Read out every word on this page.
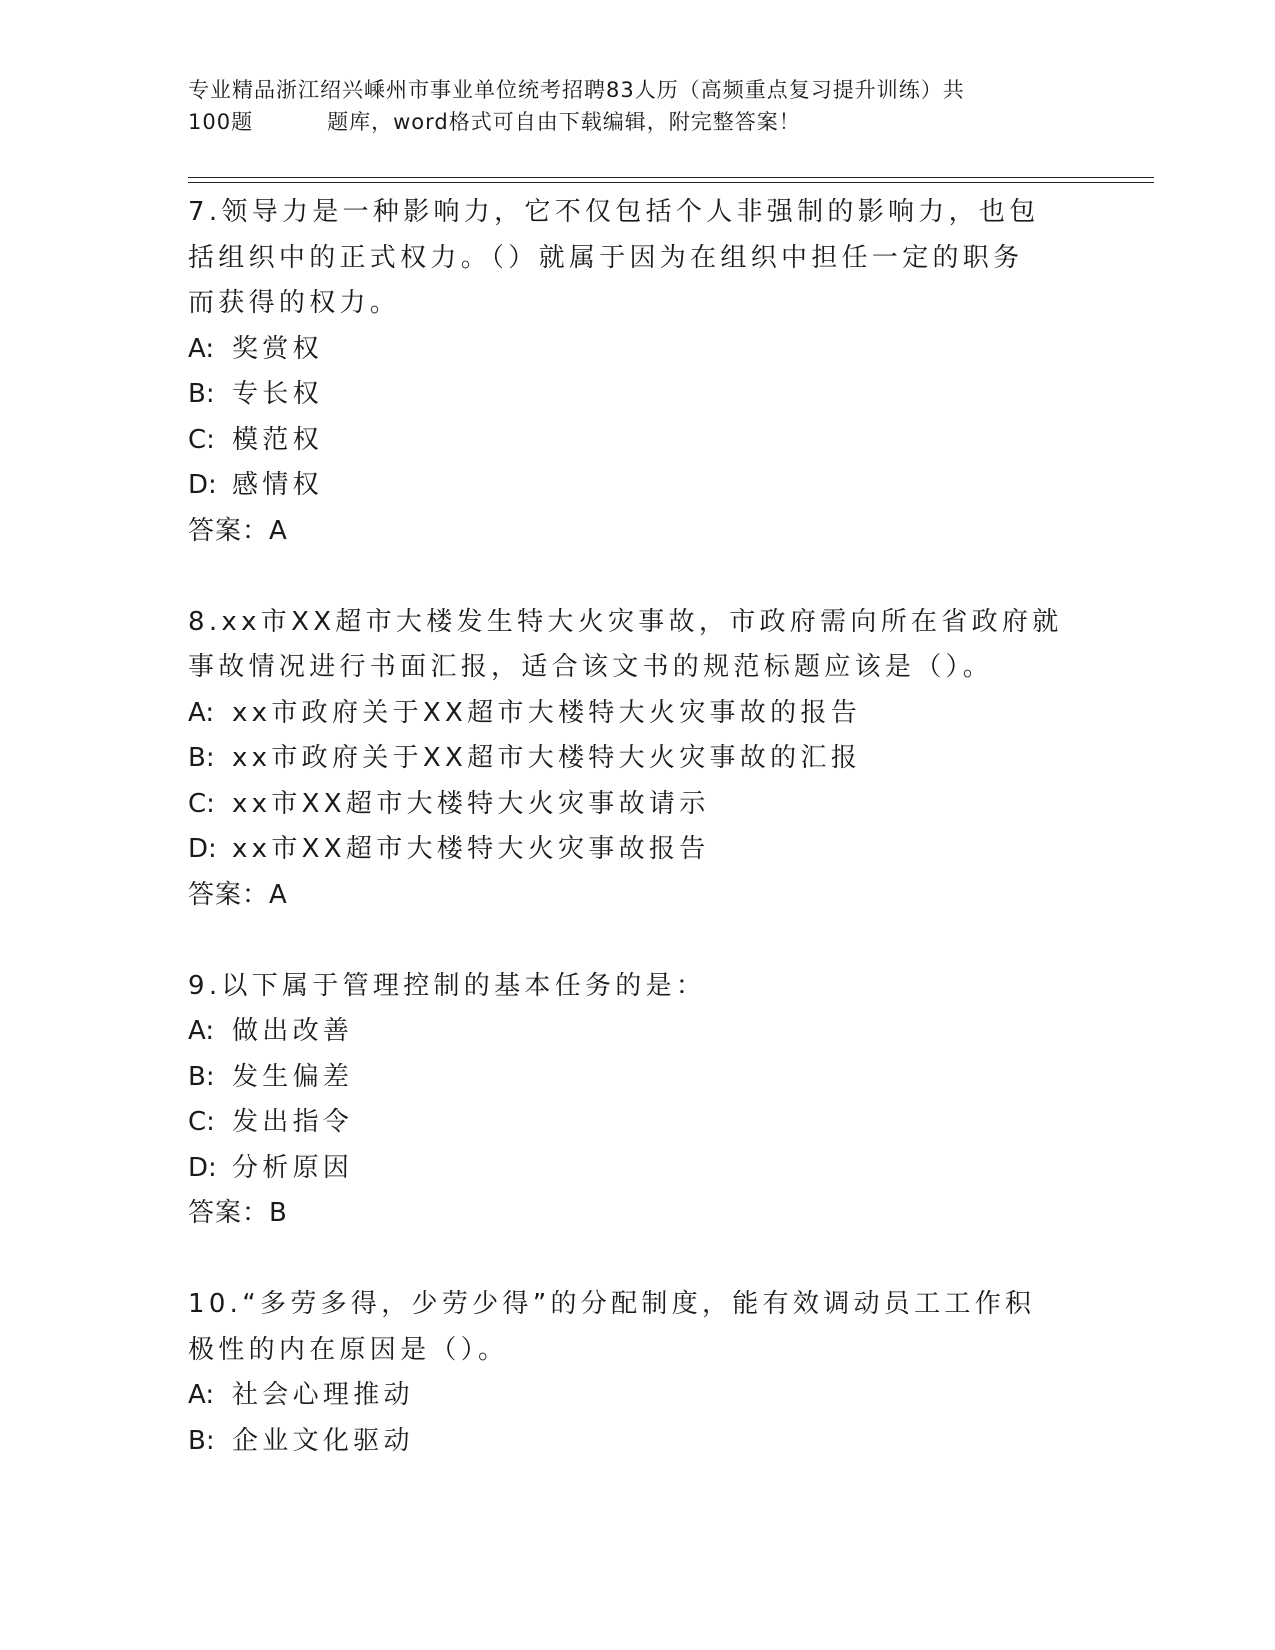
专业精品浙江绍兴嵊州市事业单位统考招聘83人历（高频重点复习提升训练）共
100题	题库，word格式可自由下载编辑，附完整答案！

7.领导力是一种影响力，它不仅包括个人非强制的影响力，也包括组织中的正式权力。（）就属于因为在组织中担任一定的职务而获得的权力。

A: 奖赏权
B: 专长权
C: 模范权
D: 感情权
答案：A

8.xx市XX超市大楼发生特大火灾事故，市政府需向所在省政府就事故情况进行书面汇报，适合该文书的规范标题应该是（）。

A: xx市政府关于XX超市大楼特大火灾事故的报告
B: xx市政府关于XX超市大楼特大火灾事故的汇报
C: xx市XX超市大楼特大火灾事故请示
D: xx市XX超市大楼特大火灾事故报告
答案：A

9.以下属于管理控制的基本任务的是：

A: 做出改善
B: 发生偏差
C: 发出指令
D: 分析原因
答案：B

10.“多劳多得，少劳少得”的分配制度，能有效调动员工工作积极性的内在原因是（）。

A: 社会心理推动
B: 企业文化驱动
